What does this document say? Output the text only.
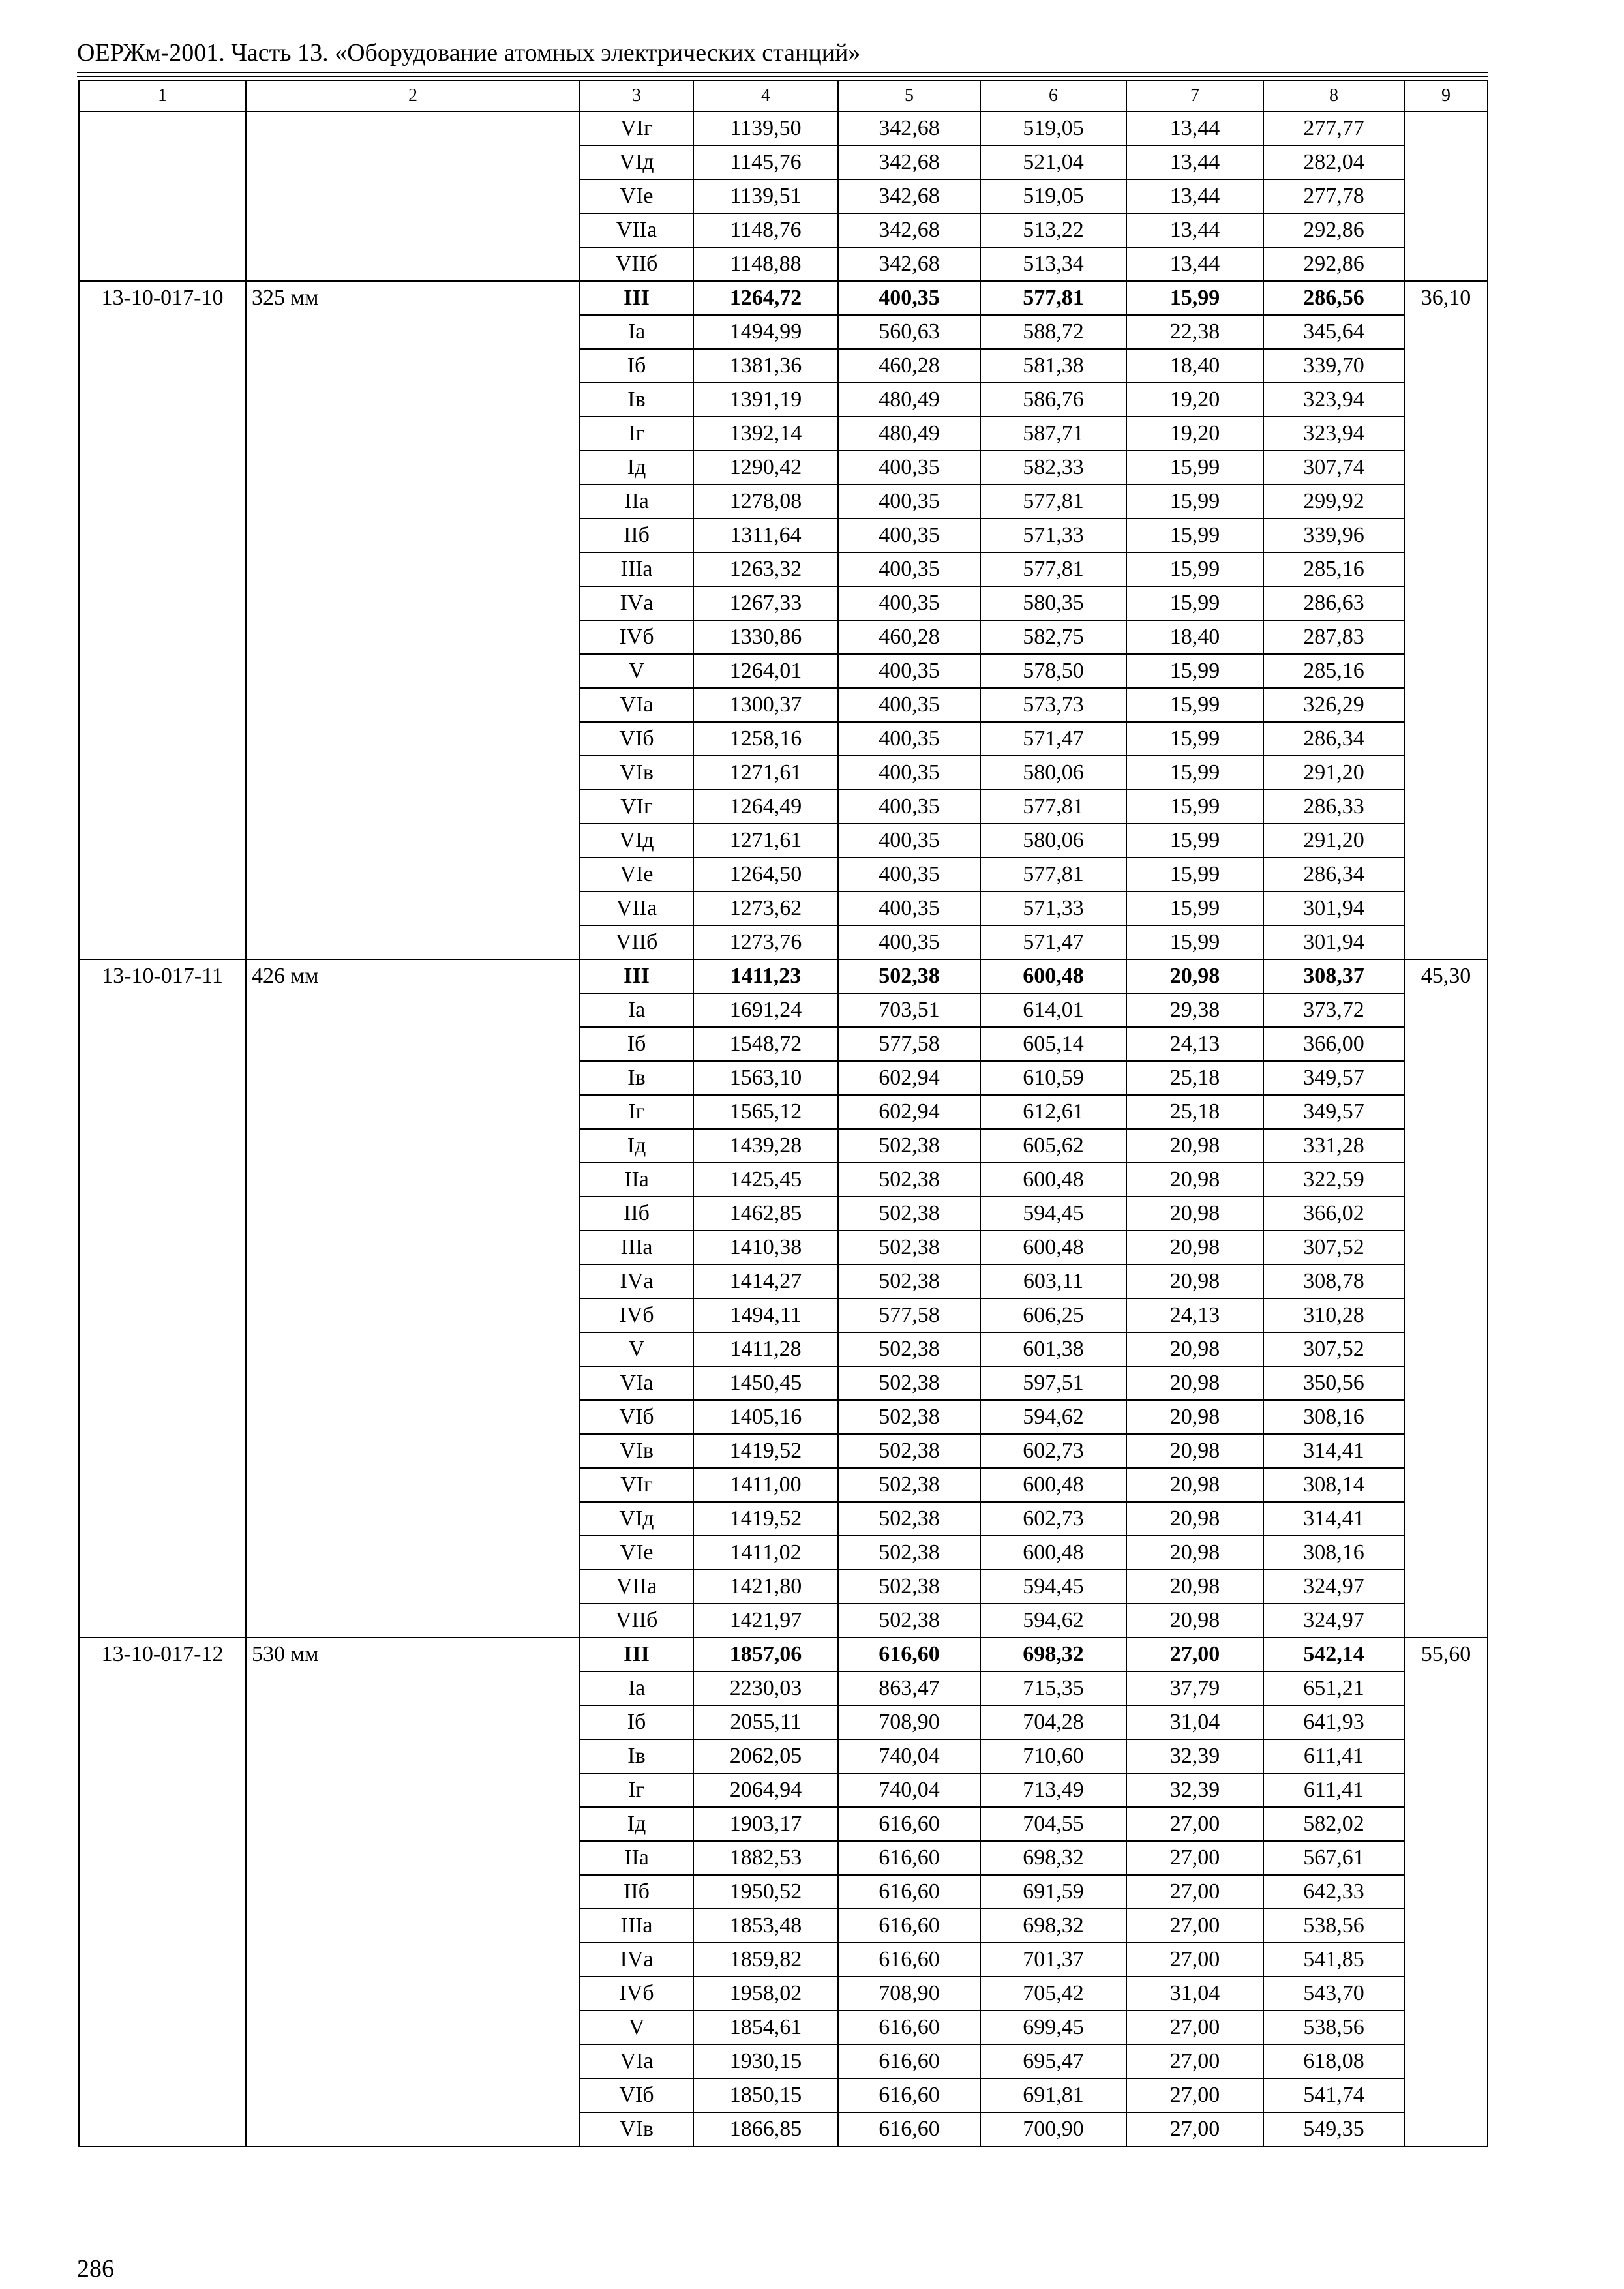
ОЕРЖм-2001. Часть 13. «Оборудование атомных электрических станций»
1	2	3	4	5	6	7	8	9
		VIг	1139,50	342,68	519,05	13,44	277,77	
		VIд	1145,76	342,68	521,04	13,44	282,04	
		VIе	1139,51	342,68	519,05	13,44	277,78	
		VIIа	1148,76	342,68	513,22	13,44	292,86	
		VIIб	1148,88	342,68	513,34	13,44	292,86	
13-10-017-10	325 мм	III	1264,72	400,35	577,81	15,99	286,56	36,10
		Iа	1494,99	560,63	588,72	22,38	345,64	
		Iб	1381,36	460,28	581,38	18,40	339,70	
		Iв	1391,19	480,49	586,76	19,20	323,94	
		Iг	1392,14	480,49	587,71	19,20	323,94	
		Iд	1290,42	400,35	582,33	15,99	307,74	
		IIа	1278,08	400,35	577,81	15,99	299,92	
		IIб	1311,64	400,35	571,33	15,99	339,96	
		IIIа	1263,32	400,35	577,81	15,99	285,16	
		IVа	1267,33	400,35	580,35	15,99	286,63	
		IVб	1330,86	460,28	582,75	18,40	287,83	
		V	1264,01	400,35	578,50	15,99	285,16	
		VIа	1300,37	400,35	573,73	15,99	326,29	
		VIб	1258,16	400,35	571,47	15,99	286,34	
		VIв	1271,61	400,35	580,06	15,99	291,20	
		VIг	1264,49	400,35	577,81	15,99	286,33	
		VIд	1271,61	400,35	580,06	15,99	291,20	
		VIе	1264,50	400,35	577,81	15,99	286,34	
		VIIа	1273,62	400,35	571,33	15,99	301,94	
		VIIб	1273,76	400,35	571,47	15,99	301,94	
13-10-017-11	426 мм	III	1411,23	502,38	600,48	20,98	308,37	45,30
		Iа	1691,24	703,51	614,01	29,38	373,72	
		Iб	1548,72	577,58	605,14	24,13	366,00	
		Iв	1563,10	602,94	610,59	25,18	349,57	
		Iг	1565,12	602,94	612,61	25,18	349,57	
		Iд	1439,28	502,38	605,62	20,98	331,28	
		IIа	1425,45	502,38	600,48	20,98	322,59	
		IIб	1462,85	502,38	594,45	20,98	366,02	
		IIIа	1410,38	502,38	600,48	20,98	307,52	
		IVа	1414,27	502,38	603,11	20,98	308,78	
		IVб	1494,11	577,58	606,25	24,13	310,28	
		V	1411,28	502,38	601,38	20,98	307,52	
		VIа	1450,45	502,38	597,51	20,98	350,56	
		VIб	1405,16	502,38	594,62	20,98	308,16	
		VIв	1419,52	502,38	602,73	20,98	314,41	
		VIг	1411,00	502,38	600,48	20,98	308,14	
		VIд	1419,52	502,38	602,73	20,98	314,41	
		VIе	1411,02	502,38	600,48	20,98	308,16	
		VIIа	1421,80	502,38	594,45	20,98	324,97	
		VIIб	1421,97	502,38	594,62	20,98	324,97	
13-10-017-12	530 мм	III	1857,06	616,60	698,32	27,00	542,14	55,60
		Iа	2230,03	863,47	715,35	37,79	651,21	
		Iб	2055,11	708,90	704,28	31,04	641,93	
		Iв	2062,05	740,04	710,60	32,39	611,41	
		Iг	2064,94	740,04	713,49	32,39	611,41	
		Iд	1903,17	616,60	704,55	27,00	582,02	
		IIа	1882,53	616,60	698,32	27,00	567,61	
		IIб	1950,52	616,60	691,59	27,00	642,33	
		IIIа	1853,48	616,60	698,32	27,00	538,56	
		IVа	1859,82	616,60	701,37	27,00	541,85	
		IVб	1958,02	708,90	705,42	31,04	543,70	
		V	1854,61	616,60	699,45	27,00	538,56	
		VIа	1930,15	616,60	695,47	27,00	618,08	
		VIб	1850,15	616,60	691,81	27,00	541,74	
		VIв	1866,85	616,60	700,90	27,00	549,35	
286
